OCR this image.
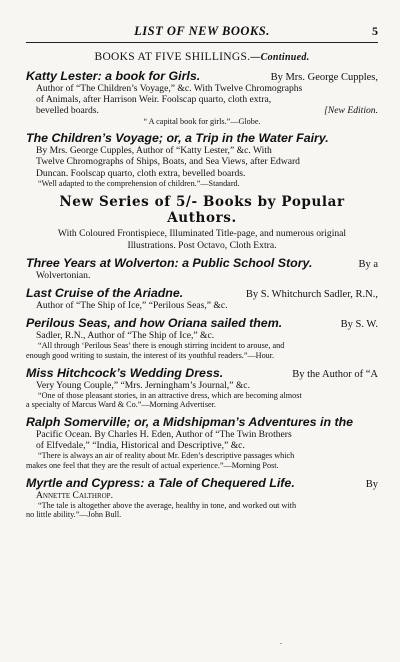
LIST OF NEW BOOKS.	5
BOOKS AT FIVE SHILLINGS.—Continued.
Katty Lester: a book for Girls.	By Mrs. George Cupples,
Author of “The Children’s Voyage,” &c. With Twelve Chromographs
of Animals, after Harrison Weir. Foolscap quarto, cloth extra,
bevelled boards.	[New Edition.
“ A capital book for girls.”—Globe.
The Children’s Voyage; or, a Trip in the Water Fairy.
By Mrs. George Cupples, Author of “Katty Lester,” &c. With
Twelve Chromographs of Ships, Boats, and Sea Views, after Edward
Duncan. Foolscap quarto, cloth extra, bevelled boards.
“Well adapted to the comprehension of children.”—Standard.
New Series of 5/- Books by Popular Authors.
With Coloured Frontispiece, Illuminated Title-page, and numerous original
Illustrations. Post Octavo, Cloth Extra.
Three Years at Wolverton: a Public School Story.	By a
Wolvertonian.
Last Cruise of the Ariadne.	By S. Whitchurch Sadler, R.N.,
Author of “The Ship of Ice,” “Perilous Seas,” &c.
Perilous Seas, and how Oriana sailed them.	By S. W.
Sadler, R.N., Author of “The Ship of Ice,” &c.
“All through ‘Perilous Seas’ there is enough stirring incident to arouse, and
enough good writing to sustain, the interest of its youthful readers.”—Hour.
Miss Hitchcock’s Wedding Dress.	By the Author of “A
Very Young Couple,” “Mrs. Jerningham’s Journal,” &c.
“One of those pleasant stories, in an attractive dress, which are becoming almost
a specialty of Marcus Ward & Co.”—Morning Advertiser.
Ralph Somerville; or, a Midshipman’s Adventures in the
Pacific Ocean. By Charles H. Eden, Author of “The Twin Brothers
of Elfvedale,” “India, Historical and Descriptive,” &c.
“There is always an air of reality about Mr. Eden’s descriptive passages which
makes one feel that they are the result of actual experience.”—Morning Post.
Myrtle and Cypress: a Tale of Chequered Life.	By
Annette Calthrop.
“The tale is altogether above the average, healthy in tone, and worked out with
no little ability.”—John Bull.
.
